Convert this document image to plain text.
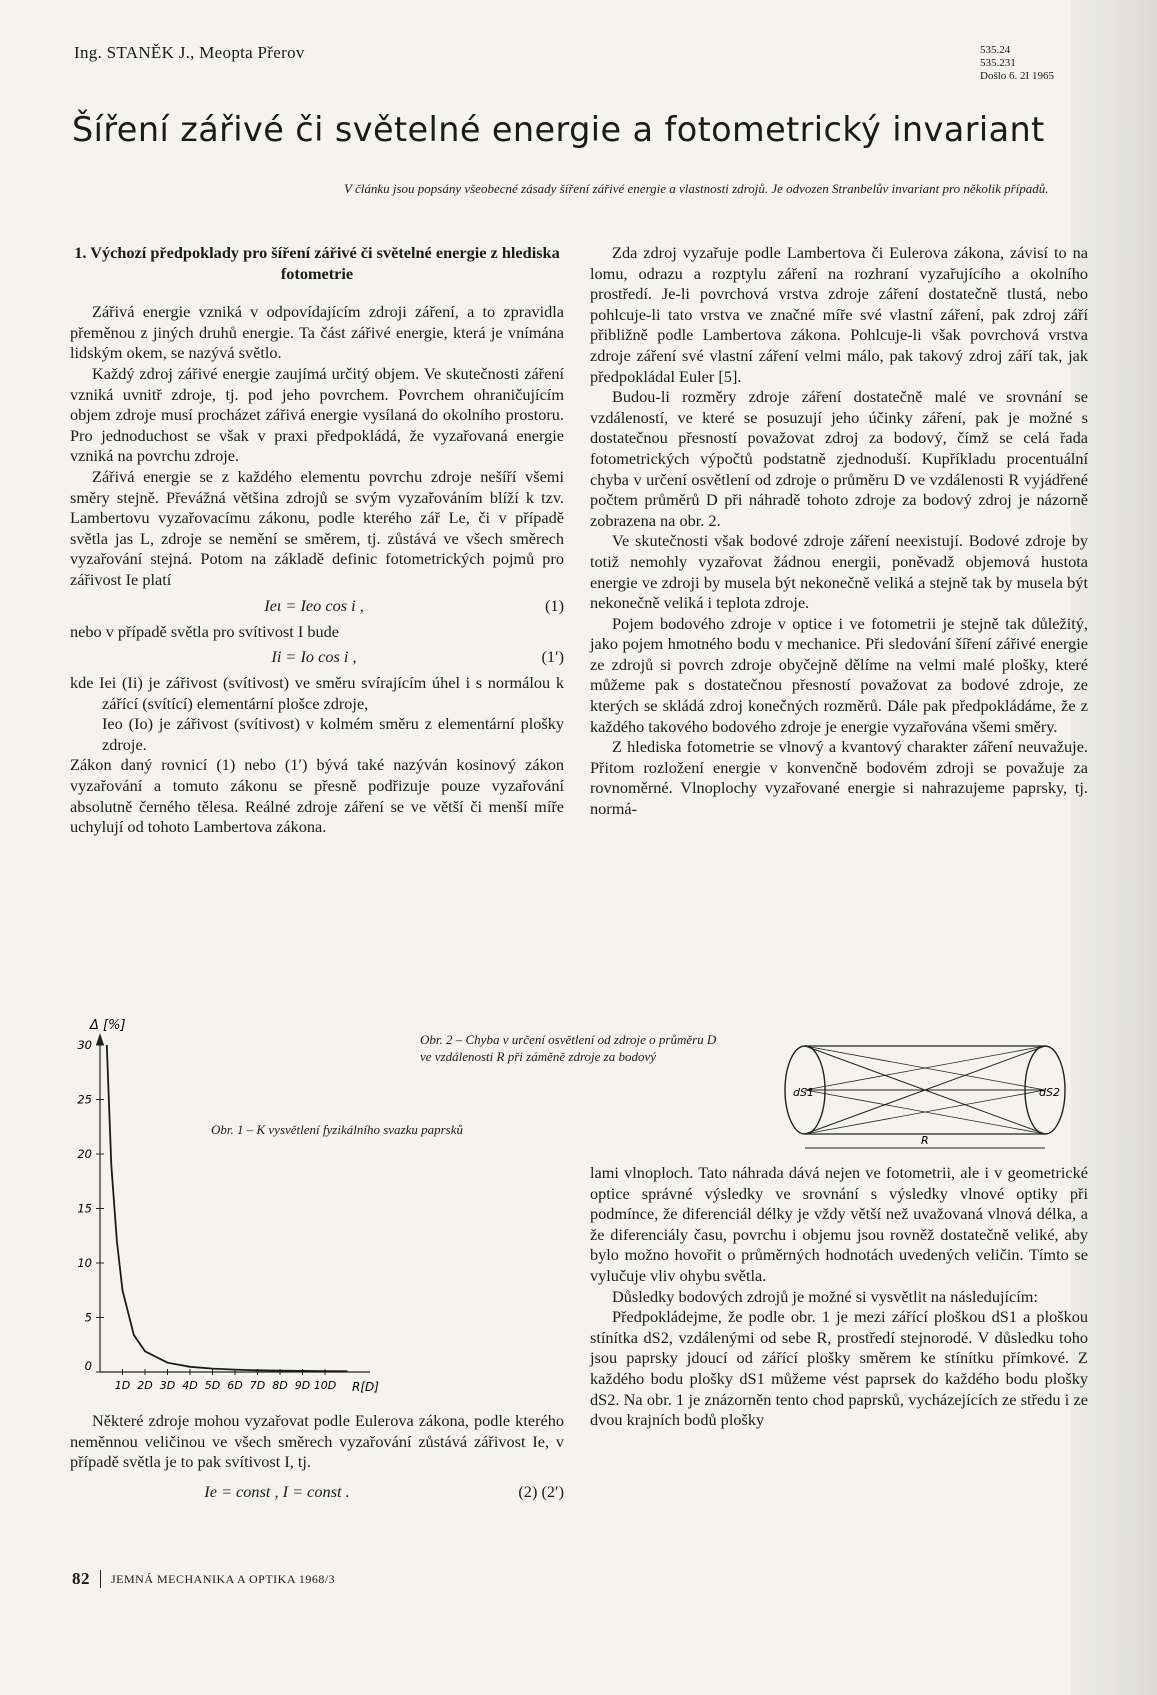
Ing. STANĚK J., Meopta Přerov	535.24
535.231
Došlo 6. 2I 1965
Šíření zářivé či světelné energie a fotometrický invariant
V článku jsou popsány všeobecné zásady šíření zářivé energie a vlastnosti zdrojů. Je odvozen Stranbelův invariant pro několik případů.
1. Výchozí předpoklady pro šíření zářivé či světelné energie z hlediska fotometrie

Zářivá energie vzniká v odpovídajícím zdroji záření, a to zpravidla přeměnou z jiných druhů energie. Ta část zářivé energie, která je vnímána lidským okem, se nazývá světlo.

Každý zdroj zářivé energie zaujímá určitý objem. Ve skutečnosti záření vzniká uvnitř zdroje, tj. pod jeho povrchem. Povrchem ohraničujícím objem zdroje musí procházet zářivá energie vysílaná do okolního prostoru. Pro jednoduchost se však v praxi předpokládá, že vyzařovaná energie vzniká na povrchu zdroje.

Zářivá energie se z každého elementu povrchu zdroje nešíří všemi směry stejně. Převážná většina zdrojů se svým vyzařováním blíží k tzv. Lambertovu vyzařovacímu zákonu, podle kterého zář Le, či v případě světla jas L, zdroje se nemění se směrem, tj. zůstává ve všech směrech vyzařování stejná. Potom na základě definic fotometrických pojmů pro zářivost Ie platí

Ieι = Ieo cos i ,	(1)

nebo v případě světla pro svítivost I bude

Ii = Io cos i ,	(1′)

kde Iei (Ii) je zářivost (svítivost) ve směru svírajícím úhel i s normálou k zářící (svítící) elementární plošce zdroje,

Ieo (Io) je zářivost (svítivost) v kolmém směru z elementární plošky zdroje.

Zákon daný rovnicí (1) nebo (1′) bývá také nazýván kosinový zákon vyzařování a tomuto zákonu se přesně podřizuje pouze vyzařování absolutně černého tělesa. Reálné zdroje záření se ve větší či menší míře uchylují od tohoto Lambertova zákona.

Δ [%]
0
5
10
15
20
25
30
1D 2D 3D 4D 5D 6D 7D 8D 9D 10D R[D]
Obr. 1 – K vysvětlení fyzikálního svazku paprsků

Některé zdroje mohou vyzařovat podle Eulerova zákona, podle kterého neměnnou veličinou ve všech směrech vyzařování zůstává zářivost Ie, v případě světla je to pak svítivost I, tj.

Ie = const , I = const .	(2) (2′)

Zda zdroj vyzařuje podle Lambertova či Eulerova zákona, závisí to na lomu, odrazu a rozptylu záření na rozhraní vyzařujícího a okolního prostředí. Je-li povrchová vrstva zdroje záření dostatečně tlustá, nebo pohlcuje-li tato vrstva ve značné míře své vlastní záření, pak zdroj září přibližně podle Lambertova zákona. Pohlcuje-li však povrchová vrstva zdroje záření své vlastní záření velmi málo, pak takový zdroj září tak, jak předpokládal Euler [5].

Budou-li rozměry zdroje záření dostatečně malé ve srovnání se vzdáleností, ve které se posuzují jeho účinky záření, pak je možné s dostatečnou přesností považovat zdroj za bodový, čímž se celá řada fotometrických výpočtů podstatně zjednoduší. Kupříkladu procentuální chyba v určení osvětlení od zdroje o průměru D ve vzdálenosti R vyjádřené počtem průměrů D při náhradě tohoto zdroje za bodový zdroj je názorně zobrazena na obr. 2.

Ve skutečnosti však bodové zdroje záření neexistují. Bodové zdroje by totiž nemohly vyzařovat žádnou energii, poněvadž objemová hustota energie ve zdroji by musela být nekonečně veliká a stejně tak by musela být nekonečně veliká i teplota zdroje.

Pojem bodového zdroje v optice i ve fotometrii je stejně tak důležitý, jako pojem hmotného bodu v mechanice. Při sledování šíření zářivé energie ze zdrojů si povrch zdroje obyčejně dělíme na velmi malé plošky, které můžeme pak s dostatečnou přesností považovat za bodové zdroje, ze kterých se skládá zdroj konečných rozměrů. Dále pak předpokládáme, že z každého takového bodového zdroje je energie vyzařována všemi směry.

Z hlediska fotometrie se vlnový a kvantový charakter záření neuvažuje. Přitom rozložení energie v konvenčně bodovém zdroji se považuje za rovnoměrné. Vlnoplochy vyzařované energie si nahrazujeme paprsky, tj. normá-

Obr. 2 – Chyba v určení osvětlení od zdroje o průměru D ve vzdálenosti R při záměně zdroje za bodový
dS1	dS2
R

lami vlnoploch. Tato náhrada dává nejen ve fotometrii, ale i v geometrické optice správné výsledky ve srovnání s výsledky vlnové optiky při podmínce, že diferenciál délky je vždy větší než uvažovaná vlnová délka, a že diferenciály času, povrchu i objemu jsou rovněž dostatečně veliké, aby bylo možno hovořit o průměrných hodnotách uvedených veličin. Tímto se vylučuje vliv ohybu světla.

Důsledky bodových zdrojů je možné si vysvětlit na následujícím:

Předpokládejme, že podle obr. 1 je mezi zářící ploškou dS1 a ploškou stínítka dS2, vzdálenými od sebe R, prostředí stejnorodé. V důsledku toho jsou paprsky jdoucí od zářící plošky směrem ke stínítku přímkové. Z každého bodu plošky dS1 můžeme vést paprsek do každého bodu plošky dS2. Na obr. 1 je znázorněn tento chod paprsků, vycházejících ze středu i ze dvou krajních bodů plošky

82 JEMNÁ MECHANIKA A OPTIKA 1968/3
